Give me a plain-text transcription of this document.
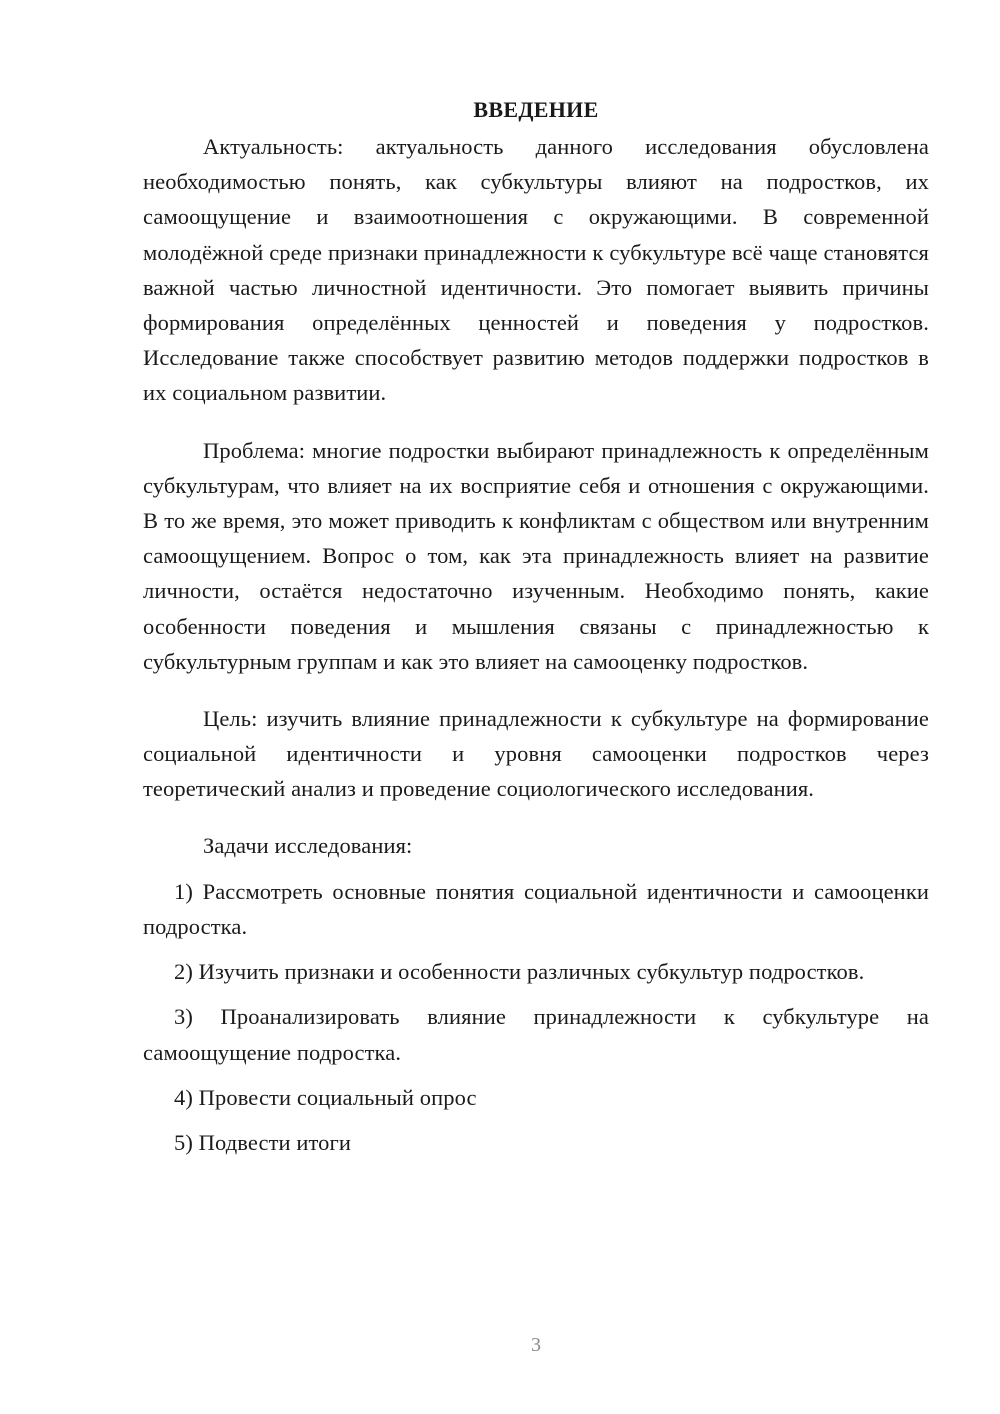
ВВЕДЕНИЕ

Актуальность: актуальность данного исследования обусловлена необходимостью понять, как субкультуры влияют на подростков, их самоощущение и взаимоотношения с окружающими. В современной молодёжной среде признаки принадлежности к субкультуре всё чаще становятся важной частью личностной идентичности. Это помогает выявить причины формирования определённых ценностей и поведения у подростков. Исследование также способствует развитию методов поддержки подростков в их социальном развитии.

Проблема: многие подростки выбирают принадлежность к определённым субкультурам, что влияет на их восприятие себя и отношения с окружающими. В то же время, это может приводить к конфликтам с обществом или внутренним самоощущением. Вопрос о том, как эта принадлежность влияет на развитие личности, остаётся недостаточно изученным. Необходимо понять, какие особенности поведения и мышления связаны с принадлежностью к субкультурным группам и как это влияет на самооценку подростков.

Цель: изучить влияние принадлежности к субкультуре на формирование социальной идентичности и уровня самооценки подростков через теоретический анализ и проведение социологического исследования.

Задачи исследования:

1) Рассмотреть основные понятия социальной идентичности и самооценки подростка.

2) Изучить признаки и особенности различных субкультур подростков.

3) Проанализировать влияние принадлежности к субкультуре на самоощущение подростка.

4) Провести социальный опрос

5) Подвести итоги

3
